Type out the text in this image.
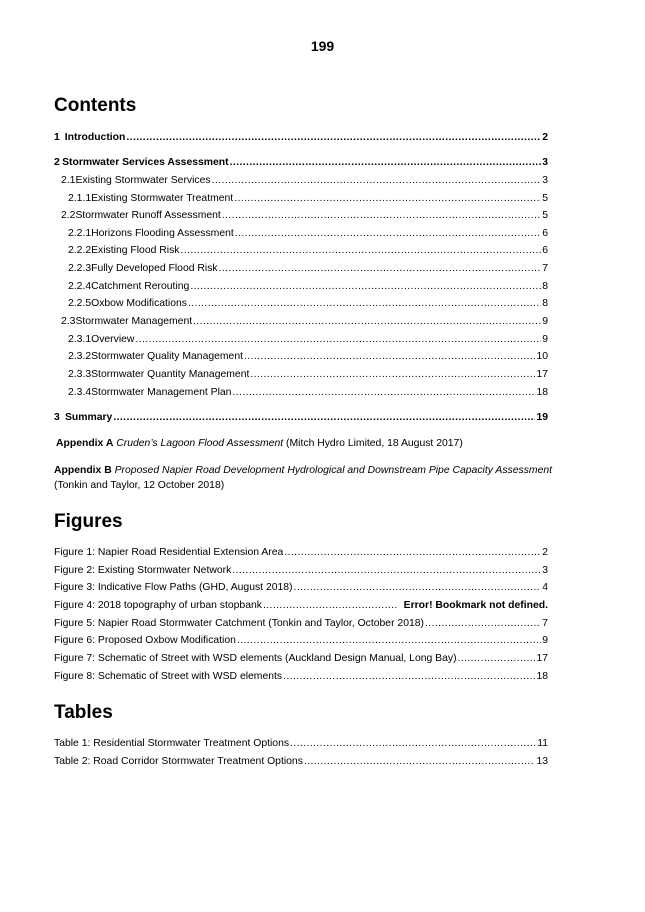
199
Contents
1 Introduction .....	2
2 Stormwater Services Assessment .....	3
2.1 Existing Stormwater Services .....	3
2.1.1 Existing Stormwater Treatment .....	5
2.2 Stormwater Runoff Assessment .....	5
2.2.1 Horizons Flooding Assessment .....	6
2.2.2 Existing Flood Risk .....	6
2.2.3 Fully Developed Flood Risk .....	7
2.2.4 Catchment Rerouting .....	8
2.2.5 Oxbow Modifications .....	8
2.3 Stormwater Management .....	9
2.3.1 Overview .....	9
2.3.2 Stormwater Quality Management .....	10
2.3.3 Stormwater Quantity Management .....	17
2.3.4 Stormwater Management Plan .....	18
3 Summary .....	19
Appendix A Cruden’s Lagoon Flood Assessment (Mitch Hydro Limited, 18 August 2017)
Appendix B Proposed Napier Road Development Hydrological and Downstream Pipe Capacity Assessment
(Tonkin and Taylor, 12 October 2018)
Figures
Figure 1: Napier Road Residential Extension Area .....	2
Figure 2: Existing Stormwater Network .....	3
Figure 3: Indicative Flow Paths (GHD, August 2018) .....	4
Figure 4: 2018 topography of urban stopbank .....	Error! Bookmark not defined.
Figure 5: Napier Road Stormwater Catchment (Tonkin and Taylor, October 2018) .....	7
Figure 6: Proposed Oxbow Modification .....	9
Figure 7: Schematic of Street with WSD elements (Auckland Design Manual, Long Bay) .....	17
Figure 8: Schematic of Street with WSD elements .....	18
Tables
Table 1: Residential Stormwater Treatment Options .....	11
Table 2: Road Corridor Stormwater Treatment Options .....	13
